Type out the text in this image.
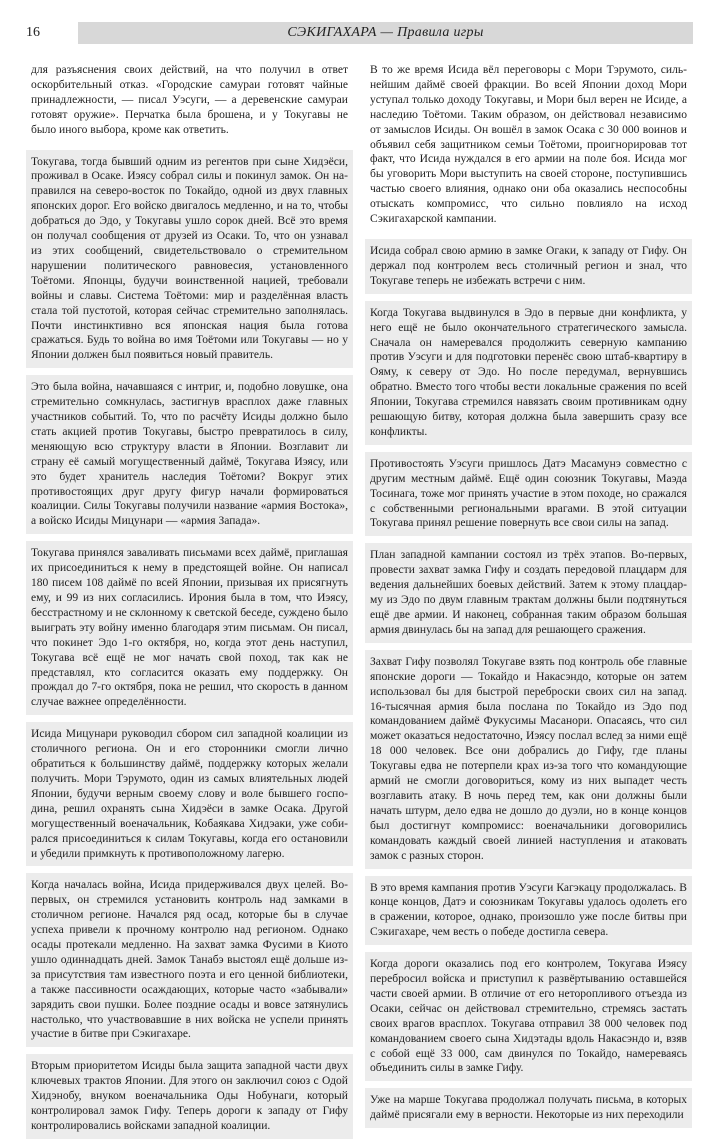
16	СЭКИГАХАРА — Правила игры

для разъяснения своих действий, на что получил в ответ оскорбительный отказ. «Городские самураи готовят чайные принадлежности, — писал Уэсуги, — а деревенские самураи готовят оружие». Перчатка была брошена, и у Токугавы не было иного выбора, кроме как ответить.

Токугава, тогда бывший одним из регентов при сыне Хидэёси, проживал в Осаке. Иэясу собрал силы и покинул замок. Он направился на северо-восток по Токайдо, одной из двух главных японских дорог. Его войско двигалось медленно, и на то, чтобы добраться до Эдо, у Токугавы ушло сорок дней. Всё это время он получал сообщения от друзей из Осаки. То, что он узнавал из этих сообщений, свидетельствовало о стремительном нарушении политического равновесия, установленного Тоётоми. Японцы, будучи воинственной нацией, требовали войны и славы. Система Тоётоми: мир и разделённая власть стала той пустотой, которая сейчас стремительно заполнялась. Почти инстинктивно вся японская нация была готова сражаться. Будь то война во имя Тоётоми или Токугавы — но у Японии должен был появиться новый правитель.

Это была война, начавшаяся с интриг, и, подобно ловушке, она стремительно сомкнулась, застигнув врасплох даже главных участников событий. То, что по расчёту Исиды должно было стать акцией против Токугавы, быстро превратилось в силу, меняющую всю структуру власти в Японии. Возглавит ли страну её самый могущественный даймё, Токугава Иэясу, или это будет хранитель наследия Тоётоми? Вокруг этих противостоящих друг другу фигур начали формироваться коалиции. Силы Токугавы получили название «армия Востока», а войско Исиды Мицунари — «армия Запада».

Токугава принялся заваливать письмами всех даймё, приглашая их присоединиться к нему в предстоящей войне. Он написал 180 писем 108 даймё по всей Японии, призывая их присягнуть ему, и 99 из них согласились. Ирония была в том, что Иэясу, бесстрастному и не склонному к светской беседе, суждено было выиграть эту войну именно благодаря этим письмам. Он писал, что покинет Эдо 1-го октября, но, когда этот день наступил, Токугава всё ещё не мог начать свой поход, так как не представлял, кто согласится оказать ему поддержку. Он прождал до 7-го октября, пока не решил, что скорость в данном случае важнее определённости.

Исида Мицунари руководил сбором сил западной коалиции из столичного региона. Он и его сторонники смогли лично обратиться к большинству даймё, поддержку которых желали получить. Мори Тэрумото, один из самых влиятельных людей Японии, будучи верным своему слову и воле бывшего господина, решил охранять сына Хидэёси в замке Осака. Другой могущественный военачальник, Кобаякава Хидэаки, уже собирался присоединиться к силам Токугавы, когда его остановили и убедили примкнуть к противоположному лагерю.

Когда началась война, Исида придерживался двух целей. Во-первых, он стремился установить контроль над замками в столичном регионе. Начался ряд осад, которые бы в случае успеха привели к прочному контролю над регионом. Однако осады протекали медленно. На захват замка Фусими в Киото ушло одиннадцать дней. Замок Танабэ выстоял ещё дольше из-за присутствия там известного поэта и его ценной библиотеки, а также пассивности осаждающих, которые часто «забывали» зарядить свои пушки. Более поздние осады и вовсе затянулись настолько, что участвовавшие в них войска не успели принять участие в битве при Сэкигахаре.

Вторым приоритетом Исиды была защита западной части двух ключевых трактов Японии. Для этого он заключил союз с Одой Хидэнобу, внуком военачальника Оды Нобунаги, который контролировал замок Гифу. Теперь дороги к западу от Гифу контролировались войсками западной коалиции.

В то же время Исида вёл переговоры с Мори Тэрумото, сильнейшим даймё своей фракции. Во всей Японии доход Мори уступал только доходу Токугавы, и Мори был верен не Исиде, а наследию Тоётоми. Таким образом, он действовал независимо от замыслов Исиды. Он вошёл в замок Осака с 30 000 воинов и объявил себя защитником семьи Тоётоми, проигнорировав тот факт, что Исида нуждался в его армии на поле боя. Исида мог бы уговорить Мори выступить на своей стороне, поступившись частью своего влияния, однако они оба оказались неспособны отыскать компромисс, что сильно повлияло на исход Сэкигахарской кампании.

Исида собрал свою армию в замке Огаки, к западу от Гифу. Он держал под контролем весь столичный регион и знал, что Токугаве теперь не избежать встречи с ним.

Когда Токугава выдвинулся в Эдо в первые дни конфликта, у него ещё не было окончательного стратегического замысла. Сначала он намеревался продолжить северную кампанию против Уэсуги и для подготовки перенёс свою штаб-квартиру в Ояму, к северу от Эдо. Но после передумал, вернувшись обратно. Вместо того чтобы вести локальные сражения по всей Японии, Токугава стремился навязать своим противникам одну решающую битву, которая должна была завершить сразу все конфликты.

Противостоять Уэсуги пришлось Датэ Масамунэ совместно с другим местным даймё. Ещё один союзник Токугавы, Маэда Тосинага, тоже мог принять участие в этом походе, но сражался с собственными региональными врагами. В этой ситуации Токугава принял решение повернуть все свои силы на запад.

План западной кампании состоял из трёх этапов. Во-первых, провести захват замка Гифу и создать передовой плацдарм для ведения дальнейших боевых действий. Затем к этому плацдарму из Эдо по двум главным трактам должны были подтянуться ещё две армии. И наконец, собранная таким образом большая армия двинулась бы на запад для решающего сражения.

Захват Гифу позволял Токугаве взять под контроль обе главные японские дороги — Токайдо и Накасэндо, которые он затем использовал бы для быстрой переброски своих сил на запад. 16-тысячная армия была послана по Токайдо из Эдо под командованием даймё Фукусимы Масанори. Опасаясь, что сил может оказаться недостаточно, Иэясу послал вслед за ними ещё 18 000 человек. Все они добрались до Гифу, где планы Токугавы едва не потерпели крах из-за того что командующие армий не смогли договориться, кому из них выпадет честь возглавить атаку. В ночь перед тем, как они должны были начать штурм, дело едва не дошло до дуэли, но в конце концов был достигнут компромисс: военачальники договорились командовать каждый своей линией наступления и атаковать замок с разных сторон.

В это время кампания против Уэсуги Кагэкацу продолжалась. В конце концов, Датэ и союзникам Токугавы удалось одолеть его в сражении, которое, однако, произошло уже после битвы при Сэкигахаре, чем весть о победе достигла севера.

Когда дороги оказались под его контролем, Токугава Иэясу перебросил войска и приступил к развёртыванию оставшейся части своей армии. В отличие от его неторопливого отъезда из Осаки, сейчас он действовал стремительно, стремясь застать своих врагов врасплох. Токугава отправил 38 000 человек под командованием своего сына Хидэтады вдоль Накасэндо и, взяв с собой ещё 33 000, сам двинулся по Токайдо, намереваясь объединить силы в замке Гифу.

Уже на марше Токугава продолжал получать письма, в которых даймё присягали ему в верности. Некоторые из них переходили
